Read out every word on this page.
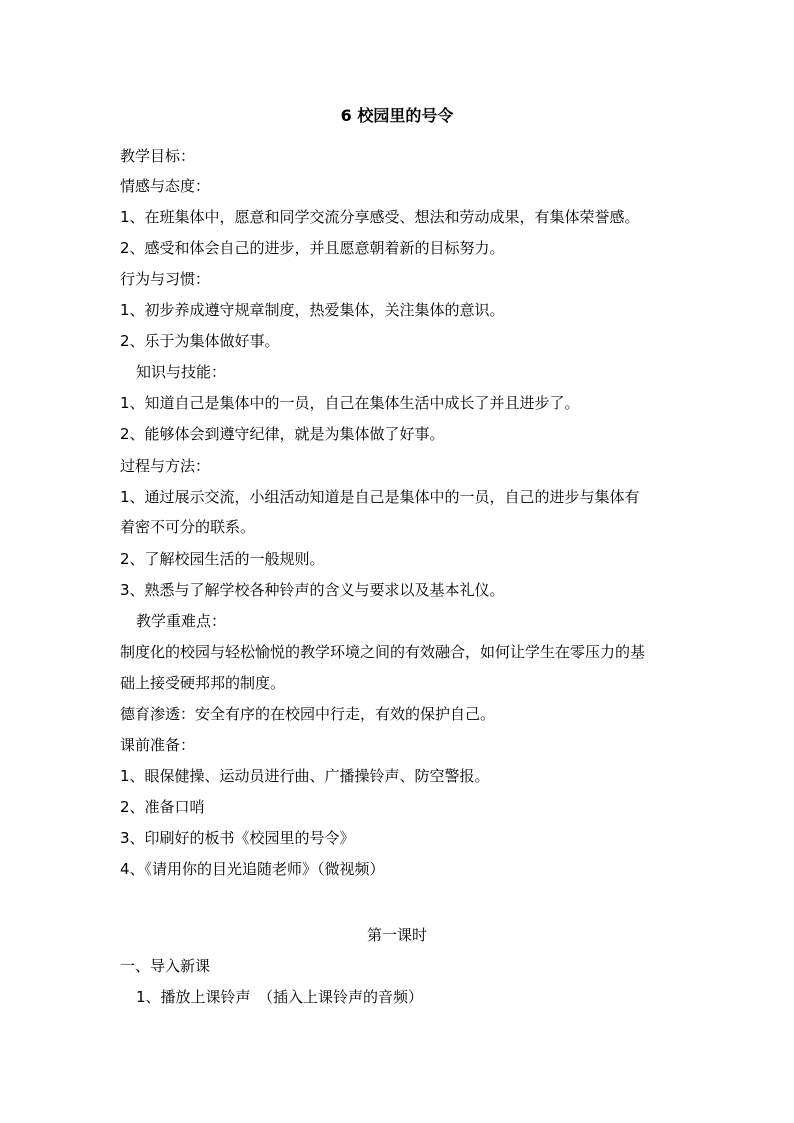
6 校园里的号令
教学目标：
情感与态度：
1、在班集体中，愿意和同学交流分享感受、想法和劳动成果，有集体荣誉感。
2、感受和体会自己的进步，并且愿意朝着新的目标努力。
行为与习惯：
1、初步养成遵守规章制度，热爱集体，关注集体的意识。
2、乐于为集体做好事。
知识与技能：
1、知道自己是集体中的一员，自己在集体生活中成长了并且进步了。
2、能够体会到遵守纪律，就是为集体做了好事。
过程与方法：
1、通过展示交流，小组活动知道是自己是集体中的一员，自己的进步与集体有
着密不可分的联系。
2、了解校园生活的一般规则。
3、熟悉与了解学校各种铃声的含义与要求以及基本礼仪。
教学重难点：
制度化的校园与轻松愉悦的教学环境之间的有效融合，如何让学生在零压力的基
础上接受硬邦邦的制度。
德育渗透：安全有序的在校园中行走，有效的保护自己。
课前准备：
1、眼保健操、运动员进行曲、广播操铃声、防空警报。
2、准备口哨
3、印刷好的板书《校园里的号令》
4、《请用你的目光追随老师》（微视频）
第一课时
一、导入新课
1、播放上课铃声　（插入上课铃声的音频）
